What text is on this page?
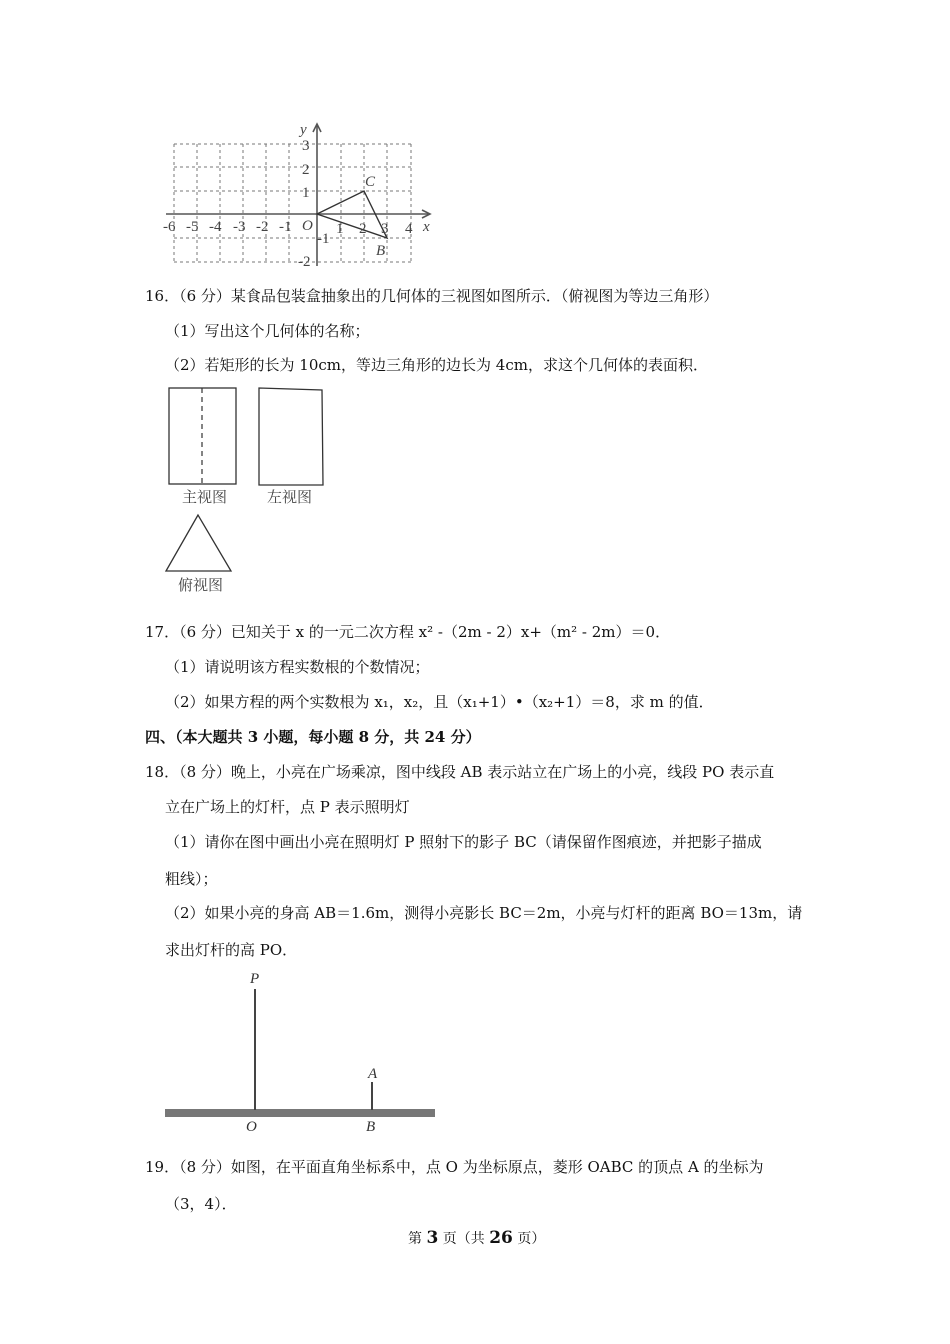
y
x
O
3
2
1
-1
-2
-6 -5 -4 -3 -2 -1	1 2 3 4
C
B
16．（6 分）某食品包装盒抽象出的几何体的三视图如图所示．（俯视图为等边三角形）
（1）写出这个几何体的名称；
（2）若矩形的长为 10cm，等边三角形的边长为 4cm，求这个几何体的表面积．
主视图	左视图
俯视图
17．（6 分）已知关于 x 的一元二次方程 x² -（2m - 2）x+（m² - 2m）＝0．
（1）请说明该方程实数根的个数情况；
（2）如果方程的两个实数根为 x₁，x₂，且（x₁+1）•（x₂+1）＝8，求 m 的值．
四、（本大题共 3 小题，每小题 8 分，共 24 分）
18．（8 分）晚上，小亮在广场乘凉，图中线段 AB 表示站立在广场上的小亮，线段 PO 表示直
立在广场上的灯杆，点 P 表示照明灯
（1）请你在图中画出小亮在照明灯 P 照射下的影子 BC（请保留作图痕迹，并把影子描成
粗线）；
（2）如果小亮的身高 AB＝1.6m，测得小亮影长 BC＝2m，小亮与灯杆的距离 BO＝13m，请
求出灯杆的高 PO．
P
O
A
B
19．（8 分）如图，在平面直角坐标系中，点 O 为坐标原点，菱形 OABC 的顶点 A 的坐标为
（3，4）．
第 3 页（共 26 页）
